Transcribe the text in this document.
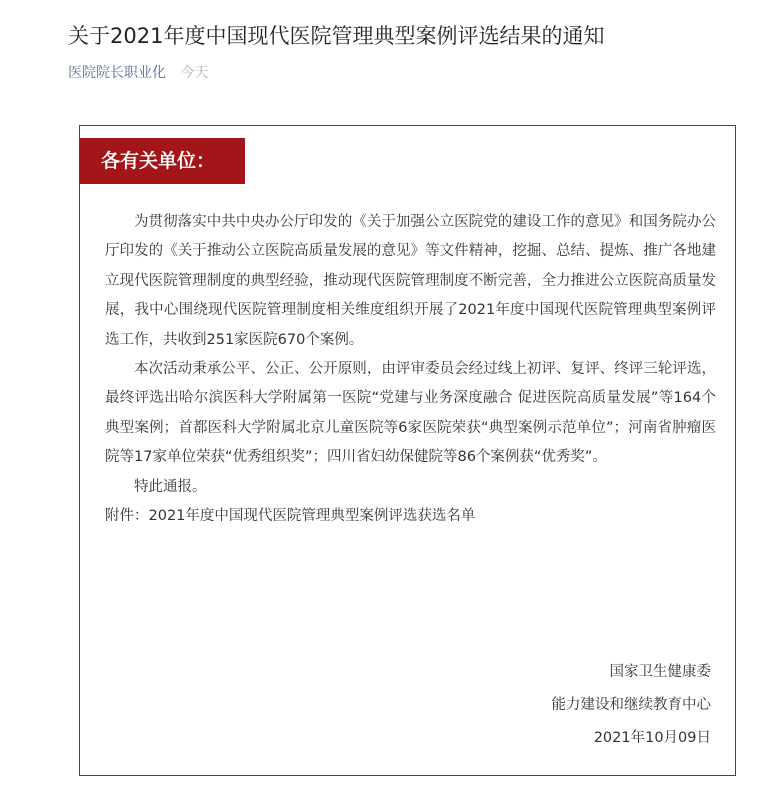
关于2021年度中国现代医院管理典型案例评选结果的通知
医院院长职业化 今天
各有关单位：

为贯彻落实中共中央办公厅印发的《关于加强公立医院党的建设工作的意见》和国务院办公厅印发的《关于推动公立医院高质量发展的意见》等文件精神，挖掘、总结、提炼、推广各地建立现代医院管理制度的典型经验，推动现代医院管理制度不断完善，全力推进公立医院高质量发展，我中心围绕现代医院管理制度相关维度组织开展了2021年度中国现代医院管理典型案例评选工作，共收到251家医院670个案例。

本次活动秉承公平、公正、公开原则，由评审委员会经过线上初评、复评、终评三轮评选，最终评选出哈尔滨医科大学附属第一医院“党建与业务深度融合 促进医院高质量发展”等164个典型案例；首都医科大学附属北京儿童医院等6家医院荣获“典型案例示范单位”；河南省肿瘤医院等17家单位荣获“优秀组织奖”；四川省妇幼保健院等86个案例获“优秀奖”。

特此通报。

附件：2021年度中国现代医院管理典型案例评选获选名单

国家卫生健康委
能力建设和继续教育中心
2021年10月09日
